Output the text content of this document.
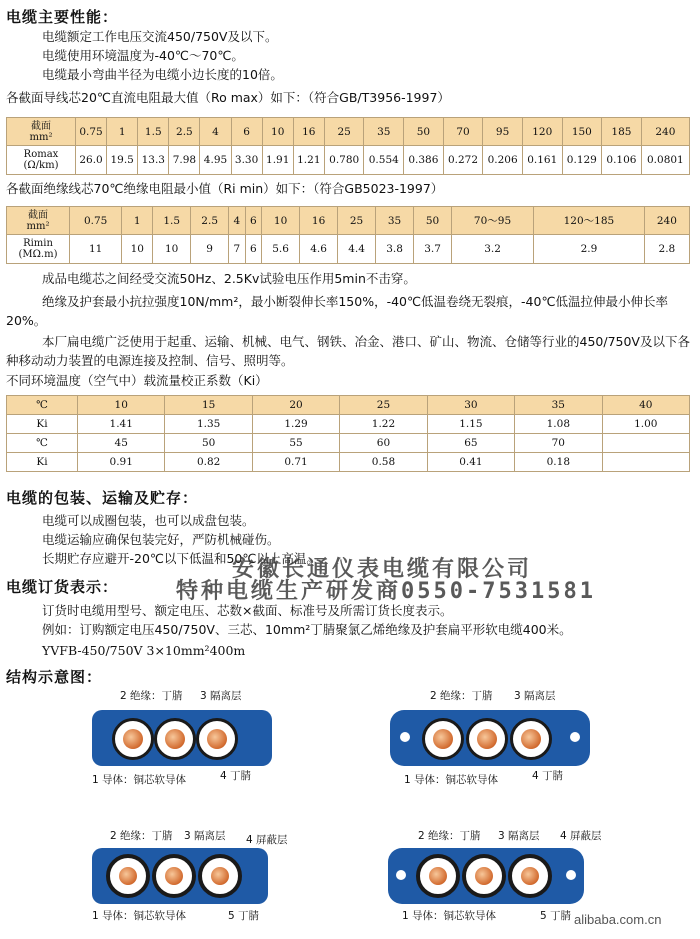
电缆主要性能：
电缆额定工作电压交流450/750V及以下。
电缆使用环境温度为-40℃～70℃。
电缆最小弯曲半径为电缆小边长度的10倍。
各截面导线芯20℃直流电阻最大值（Ro max）如下：（符合GB/T3956-1997）
截面
mm²	0.75	1	1.5	2.5	4	6	10	16	25	35	50	70	95	120	150	185	240
Romax
(Ω/km)	26.0	19.5	13.3	7.98	4.95	3.30	1.91	1.21	0.780	0.554	0.386	0.272	0.206	0.161	0.129	0.106	0.0801
各截面绝缘线芯70℃绝缘电阻最小值（Ri min）如下：（符合GB5023-1997）
截面
mm²	0.75	1	1.5	2.5	4	6	10	16	25	35	50	70～95	120～185	240
Rimin
(MΩ.m)	11	10	10	9	7	6	5.6	4.6	4.4	3.8	3.7	3.2	2.9	2.8
成品电缆芯之间经受交流50Hz、2.5Kv试验电压作用5min不击穿。
绝缘及护套最小抗拉强度10N/mm²，最小断裂伸长率150%，-40℃低温卷绕无裂痕，-40℃低温拉伸最小伸长率20%。
本厂扁电缆广泛使用于起重、运输、机械、电气、钢铁、冶金、港口、矿山、物流、仓储等行业的450/750V及以下各种移动动力装置的电源连接及控制、信号、照明等。
不同环境温度（空气中）载流量校正系数（Ki）
℃	10	15	20	25	30	35	40
Ki	1.41	1.35	1.29	1.22	1.15	1.08	1.00
℃	45	50	55	60	65	70	
Ki	0.91	0.82	0.71	0.58	0.41	0.18	
电缆的包装、运输及贮存：
电缆可以成圈包装，也可以成盘包装。
电缆运输应确保包装完好，严防机械碰伤。
长期贮存应避开-20℃以下低温和50℃以上高温。
安徽长通仪表电缆有限公司
特种电缆生产研发商0550-7531581
电缆订货表示：
订货时电缆用型号、额定电压、芯数×截面、标准号及所需订货长度表示。
例如：订购额定电压450/750V、三芯、10mm²丁腈聚氯乙烯绝缘及护套扁平形软电缆400米。
YVFB-450/750V 3×10mm²400m
结构示意图：
2 绝缘：丁腈 3 隔离层
1 导体：铜芯软导体	4 丁腈
2 绝缘：丁腈 3 隔离层
1 导体：铜芯软导体	4 丁腈
2 绝缘：丁腈 3 隔离层 4 屏蔽层
1 导体：铜芯软导体	5 丁腈
2 绝缘：丁腈 3 隔离层 4 屏蔽层
1 导体：铜芯软导体	5 丁腈 alibaba.com.cn
